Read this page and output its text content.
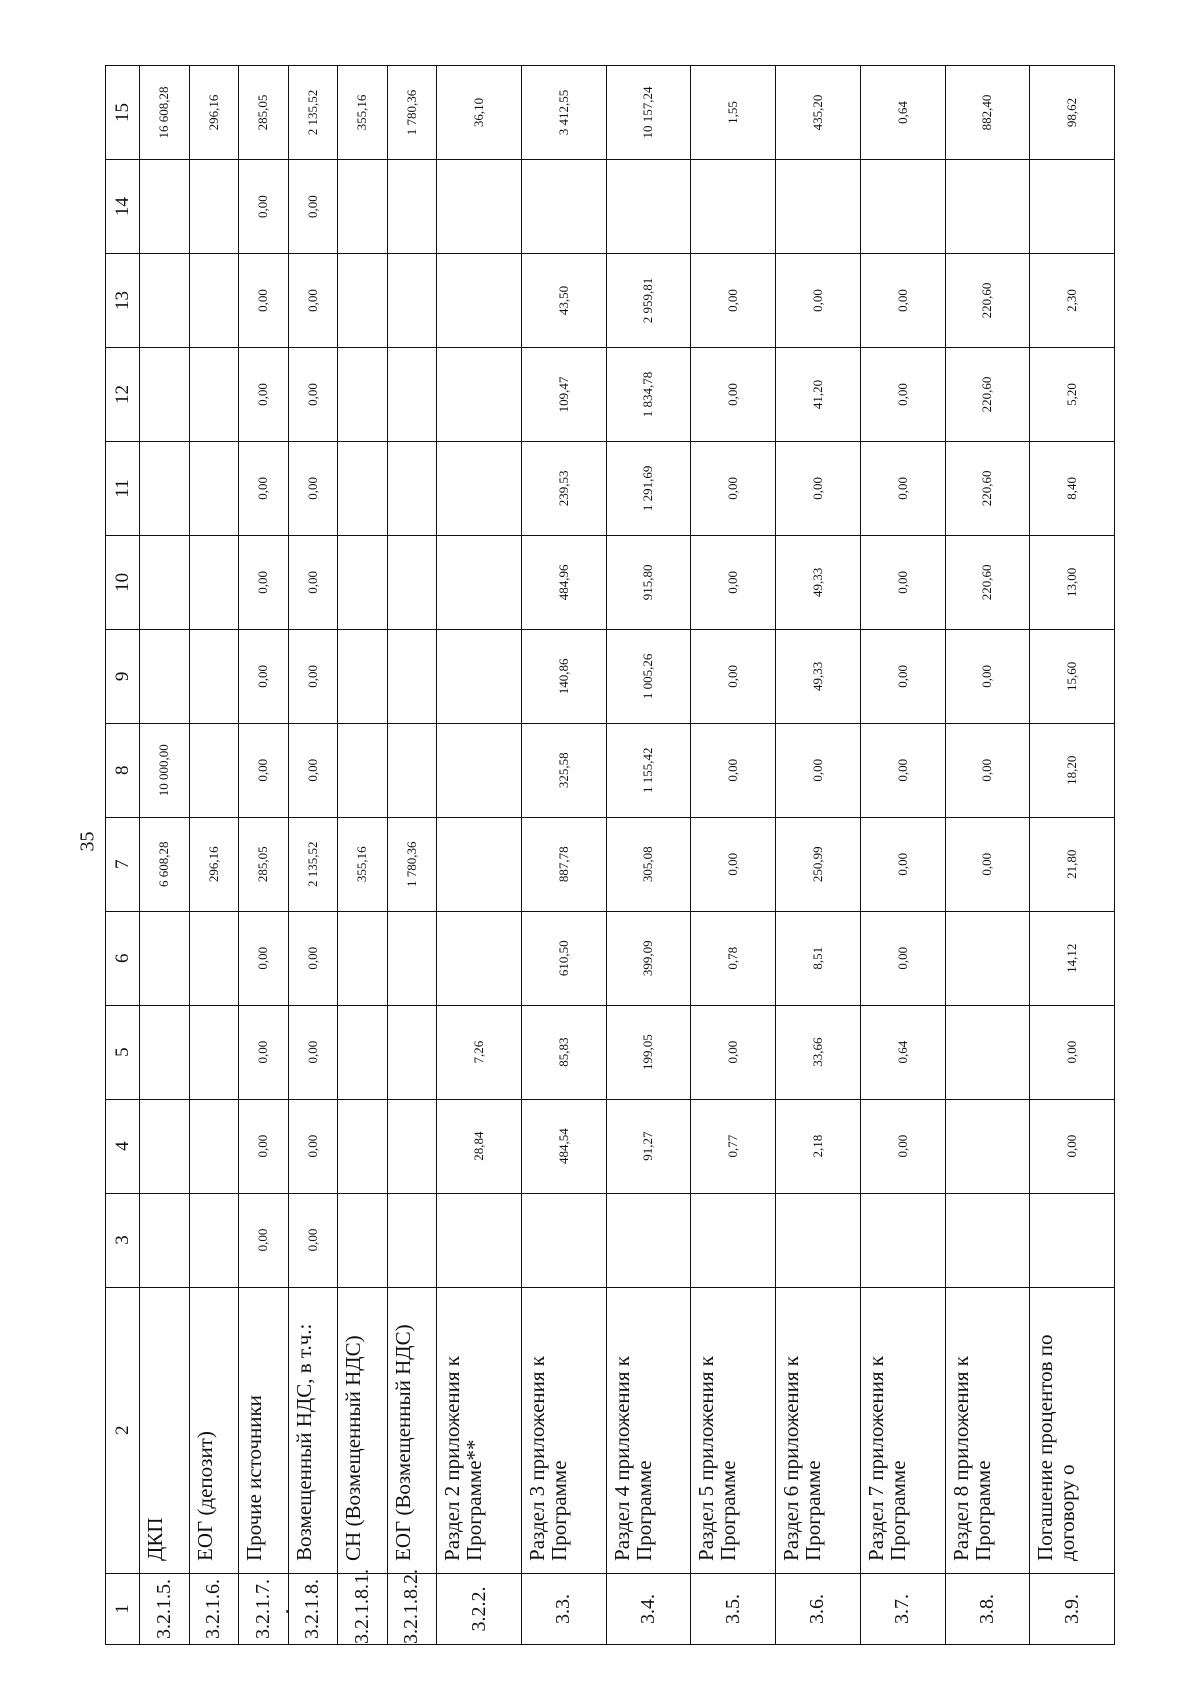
35
1	2	3	4	5	6	7	8	9	10	11	12	13	14	15
3.2.1.5.	ДКП					6 608,28	10 000,00							16 608,28
3.2.1.6.	ЕОГ (депозит)					296,16								296,16
3.2.1.7.	Прочие источники	0,00	0,00	0,00	0,00	285,05	0,00	0,00	0,00	0,00	0,00	0,00	0,00	285,05
3.2.1.8.	Возмещенный НДС, в т.ч.:	0,00	0,00	0,00	0,00	2 135,52	0,00	0,00	0,00	0,00	0,00	0,00	0,00	2 135,52
3.2.1.8.1.	СН (Возмещенный НДС)					355,16								355,16
3.2.1.8.2.	ЕОГ (Возмещенный НДС)					1 780,36								1 780,36
3.2.2.	Раздел 2 приложения к Программе**		28,84	7,26										36,10
3.3.	Раздел 3 приложения к Программе		484,54	85,83	610,50	887,78	325,58	140,86	484,96	239,53	109,47	43,50		3 412,55
3.4.	Раздел 4 приложения к Программе		91,27	199,05	399,09	305,08	1 155,42	1 005,26	915,80	1 291,69	1 834,78	2 959,81		10 157,24
3.5.	Раздел 5 приложения к Программе		0,77	0,00	0,78	0,00	0,00	0,00	0,00	0,00	0,00	0,00		1,55
3.6.	Раздел 6 приложения к Программе		2,18	33,66	8,51	250,99	0,00	49,33	49,33	0,00	41,20	0,00		435,20
3.7.	Раздел 7 приложения к Программе		0,00	0,64	0,00	0,00	0,00	0,00	0,00	0,00	0,00	0,00		0,64
3.8.	Раздел 8 приложения к Программе					0,00	0,00	0,00	220,60	220,60	220,60	220,60		882,40
3.9.	Погашение процентов по договору о		0,00	0,00	14,12	21,80	18,20	15,60	13,00	8,40	5,20	2,30		98,62
